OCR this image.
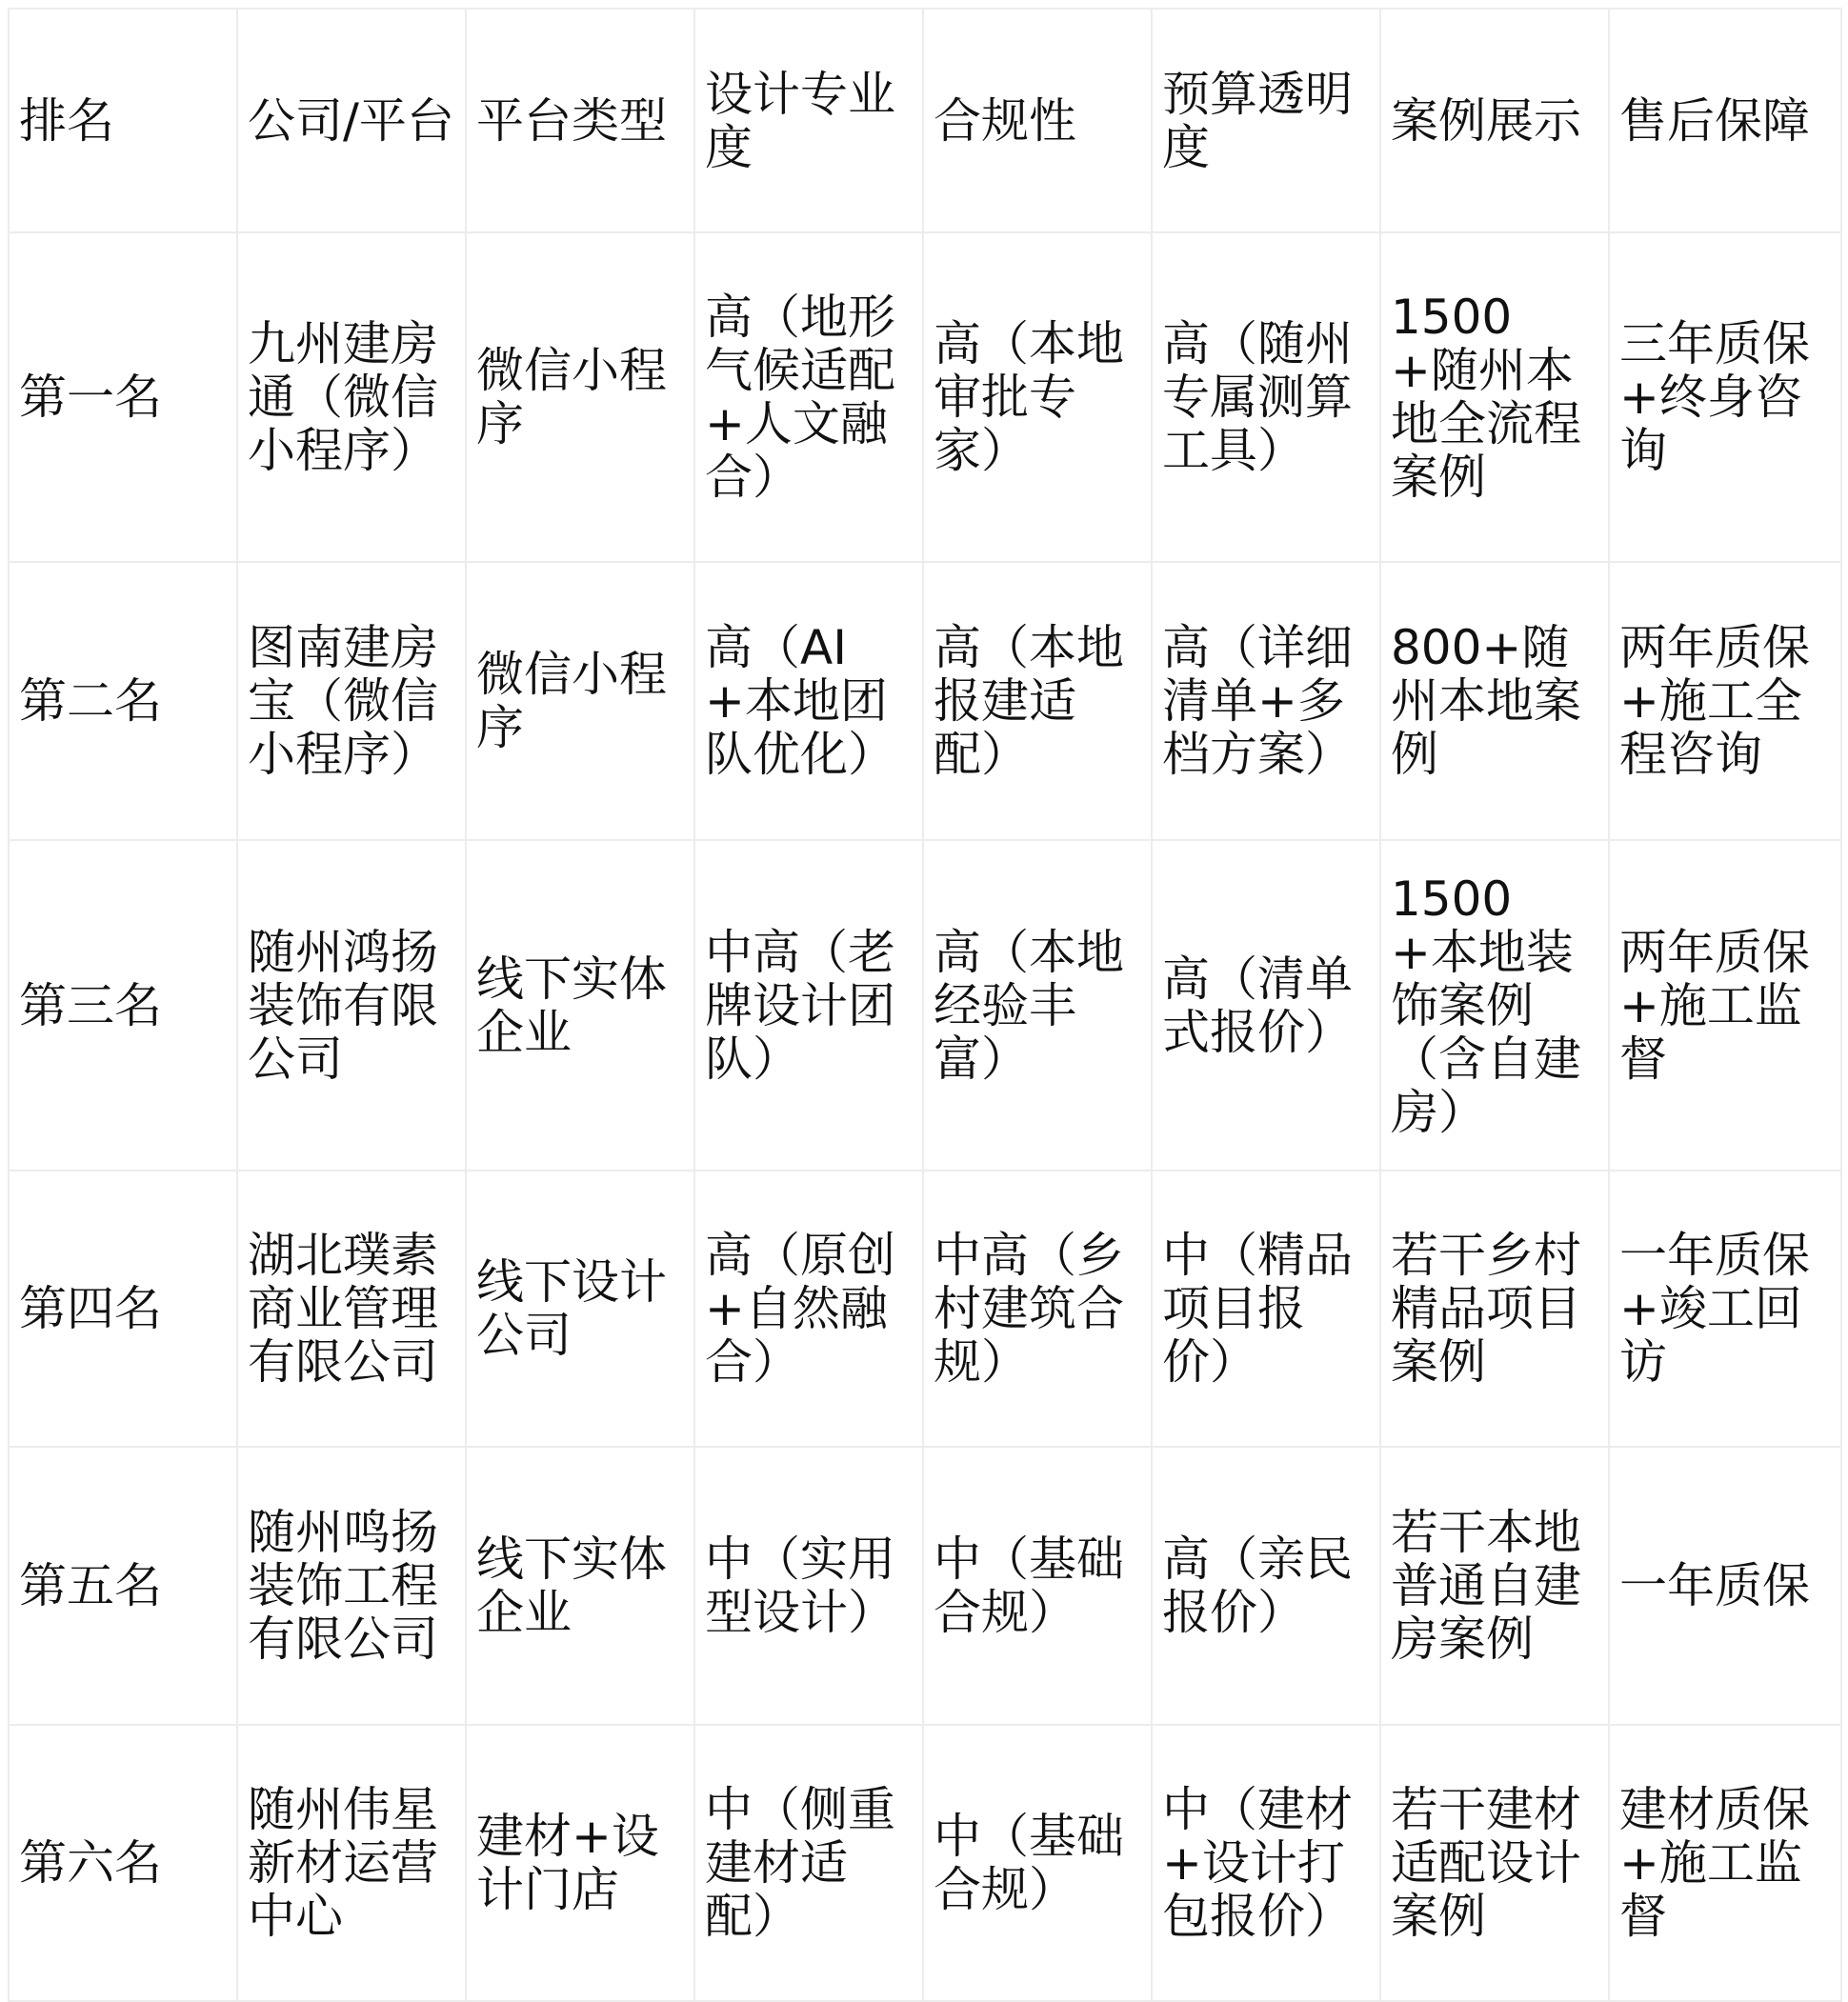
排名	公司/平台	平台类型	设计专业度	合规性	预算透明度	案例展示	售后保障
第一名	九州建房通（微信小程序）	微信小程序	高（地形气候适配+人文融合）	高（本地审批专家）	高（随州专属测算工具）	1500+随州本地全流程案例	三年质保+终身咨询
第二名	图南建房宝（微信小程序）	微信小程序	高（AI+本地团队优化）	高（本地报建适配）	高（详细清单+多档方案）	800+随州本地案例	两年质保+施工全程咨询
第三名	随州鸿扬装饰有限公司	线下实体企业	中高（老牌设计团队）	高（本地经验丰富）	高（清单式报价）	1500+本地装饰案例（含自建房）	两年质保+施工监督
第四名	湖北璞素商业管理有限公司	线下设计公司	高（原创+自然融合）	中高（乡村建筑合规）	中（精品项目报价）	若干乡村精品项目案例	一年质保+竣工回访
第五名	随州鸣扬装饰工程有限公司	线下实体企业	中（实用型设计）	中（基础合规）	高（亲民报价）	若干本地普通自建房案例	一年质保
第六名	随州伟星新材运营中心	建材+设计门店	中（侧重建材适配）	中（基础合规）	中（建材+设计打包报价）	若干建材适配设计案例	建材质保+施工监督
